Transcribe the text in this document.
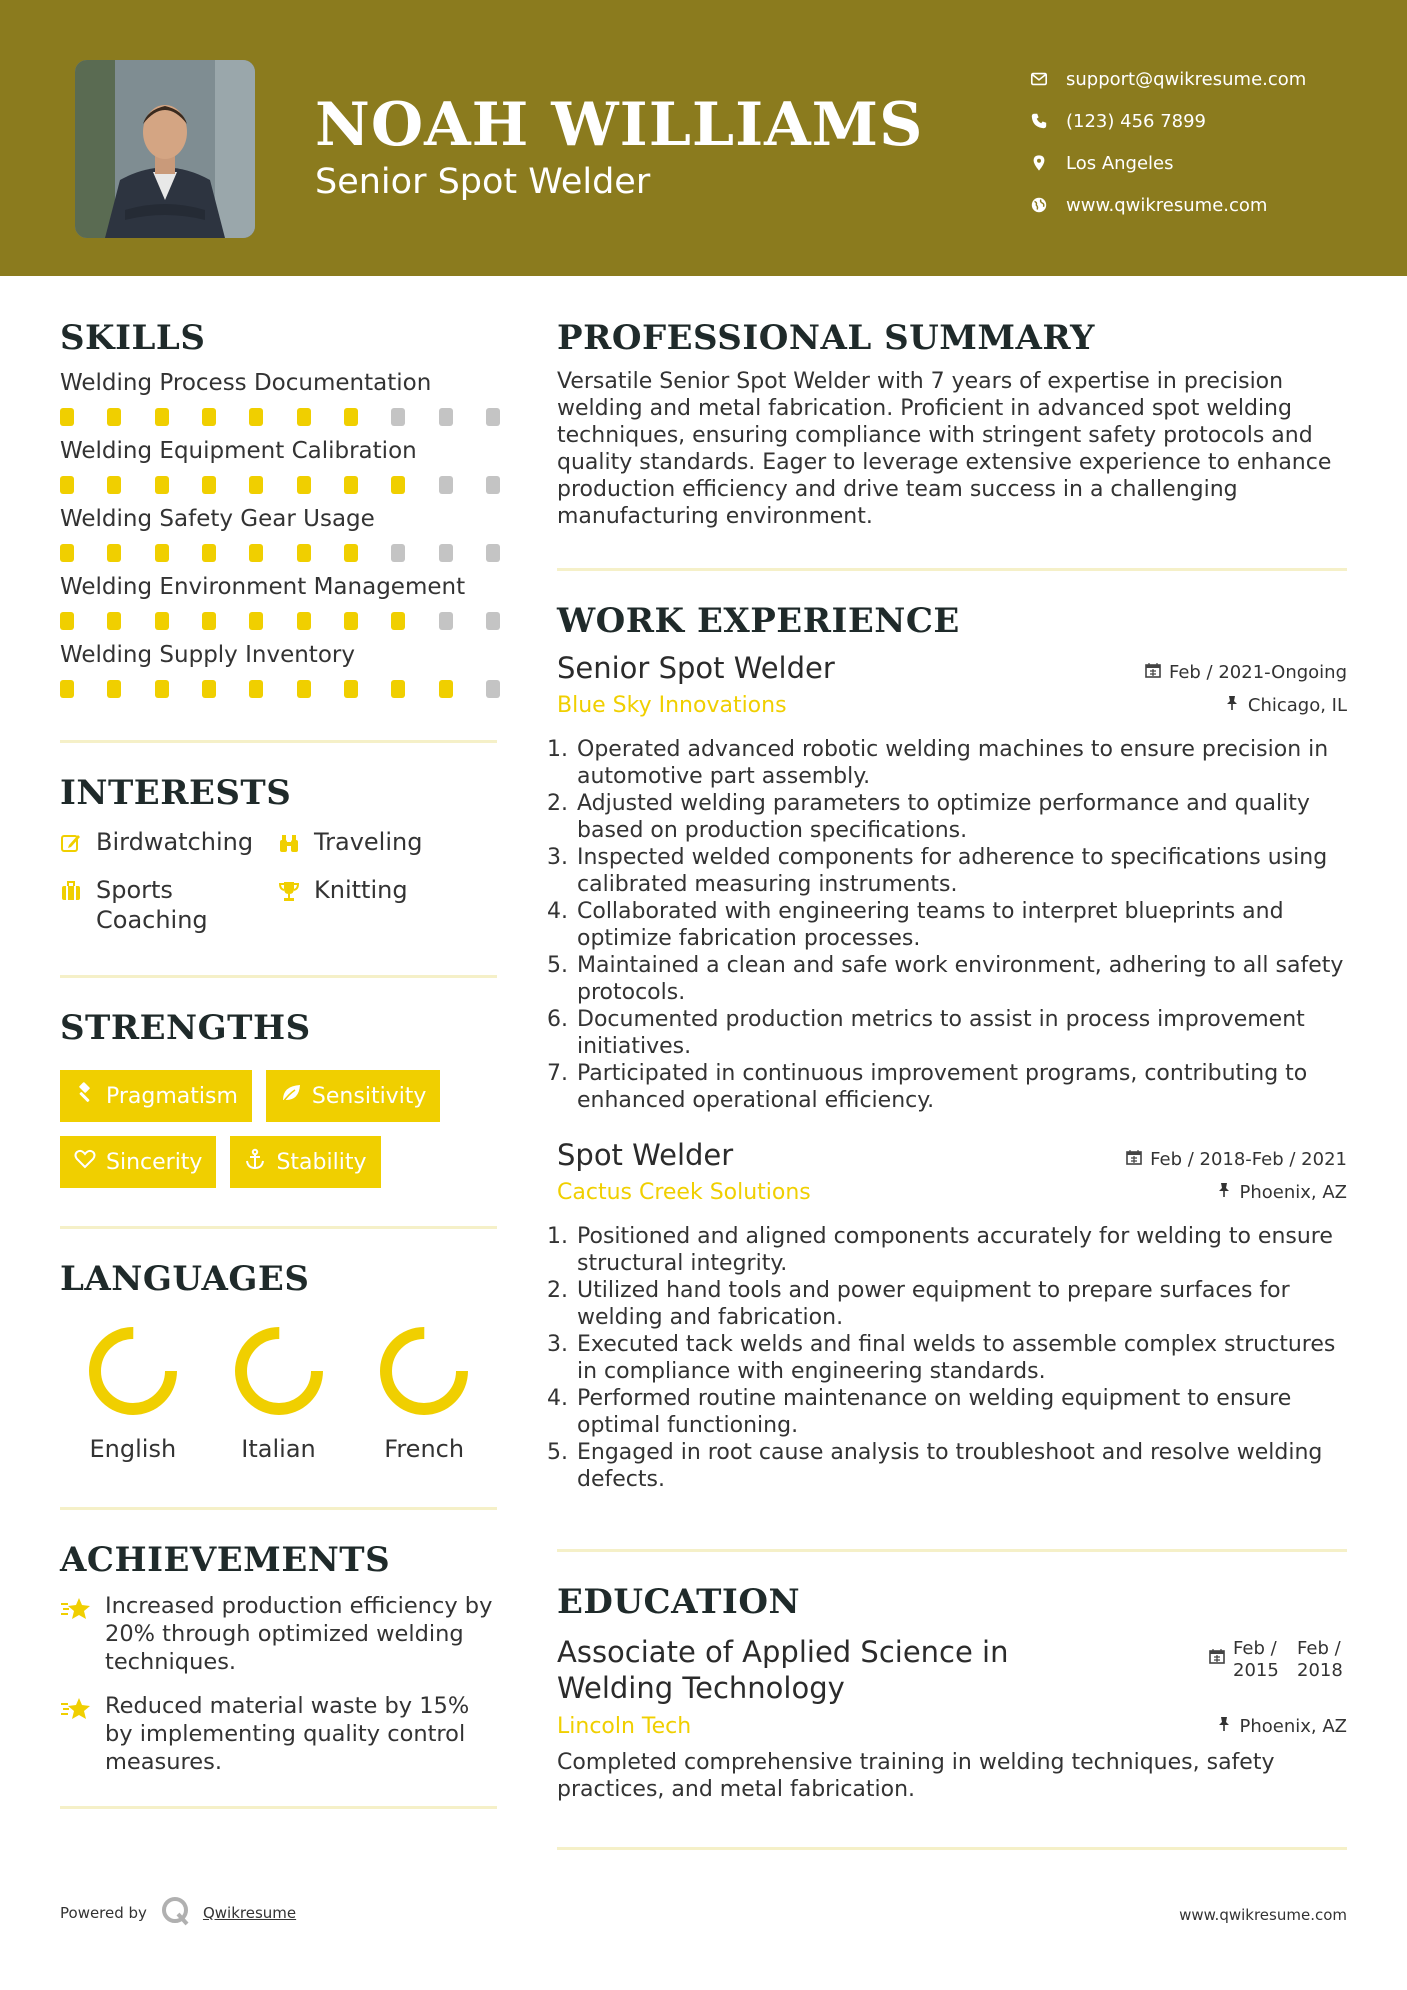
NOAH WILLIAMS
Senior Spot Welder
support@qwikresume.com
(123) 456 7899
Los Angeles
www.qwikresume.com
SKILLS
Welding Process Documentation
Welding Equipment Calibration
Welding Safety Gear Usage
Welding Environment Management
Welding Supply Inventory
INTERESTS
Birdwatching	Traveling
Sports Coaching
Knitting
STRENGTHS
Pragmatism	Sensitivity
Sincerity	Stability
LANGUAGES
English	Italian	French
ACHIEVEMENTS
Increased production efficiency by 20% through optimized welding techniques.
Reduced material waste by 15% by implementing quality control measures.
PROFESSIONAL SUMMARY

Versatile Senior Spot Welder with 7 years of expertise in precision welding and metal fabrication. Proficient in advanced spot welding techniques, ensuring compliance with stringent safety protocols and quality standards. Eager to leverage extensive experience to enhance production efficiency and drive team success in a challenging manufacturing environment.

WORK EXPERIENCE
Senior Spot Welder	Feb / 2021-Ongoing
Blue Sky Innovations	Chicago, IL
1. Operated advanced robotic welding machines to ensure precision in automotive part assembly.
2. Adjusted welding parameters to optimize performance and quality based on production specifications.
3. Inspected welded components for adherence to specifications using calibrated measuring instruments.
4. Collaborated with engineering teams to interpret blueprints and optimize fabrication processes.
5. Maintained a clean and safe work environment, adhering to all safety protocols.
6. Documented production metrics to assist in process improvement initiatives.
7. Participated in continuous improvement programs, contributing to enhanced operational efficiency.
Spot Welder	Feb / 2018-Feb / 2021
Cactus Creek Solutions	Phoenix, AZ
1. Positioned and aligned components accurately for welding to ensure structural integrity.
2. Utilized hand tools and power equipment to prepare surfaces for welding and fabrication.
3. Executed tack welds and final welds to assemble complex structures in compliance with engineering standards.
4. Performed routine maintenance on welding equipment to ensure optimal functioning.
5. Engaged in root cause analysis to troubleshoot and resolve welding defects.
EDUCATION
Associate of Applied Science in Welding Technology
Feb / 2015
Feb / 2018
Lincoln Tech	Phoenix, AZ

Completed comprehensive training in welding techniques, safety practices, and metal fabrication.

Powered by	Qwikresume	www.qwikresume.com
